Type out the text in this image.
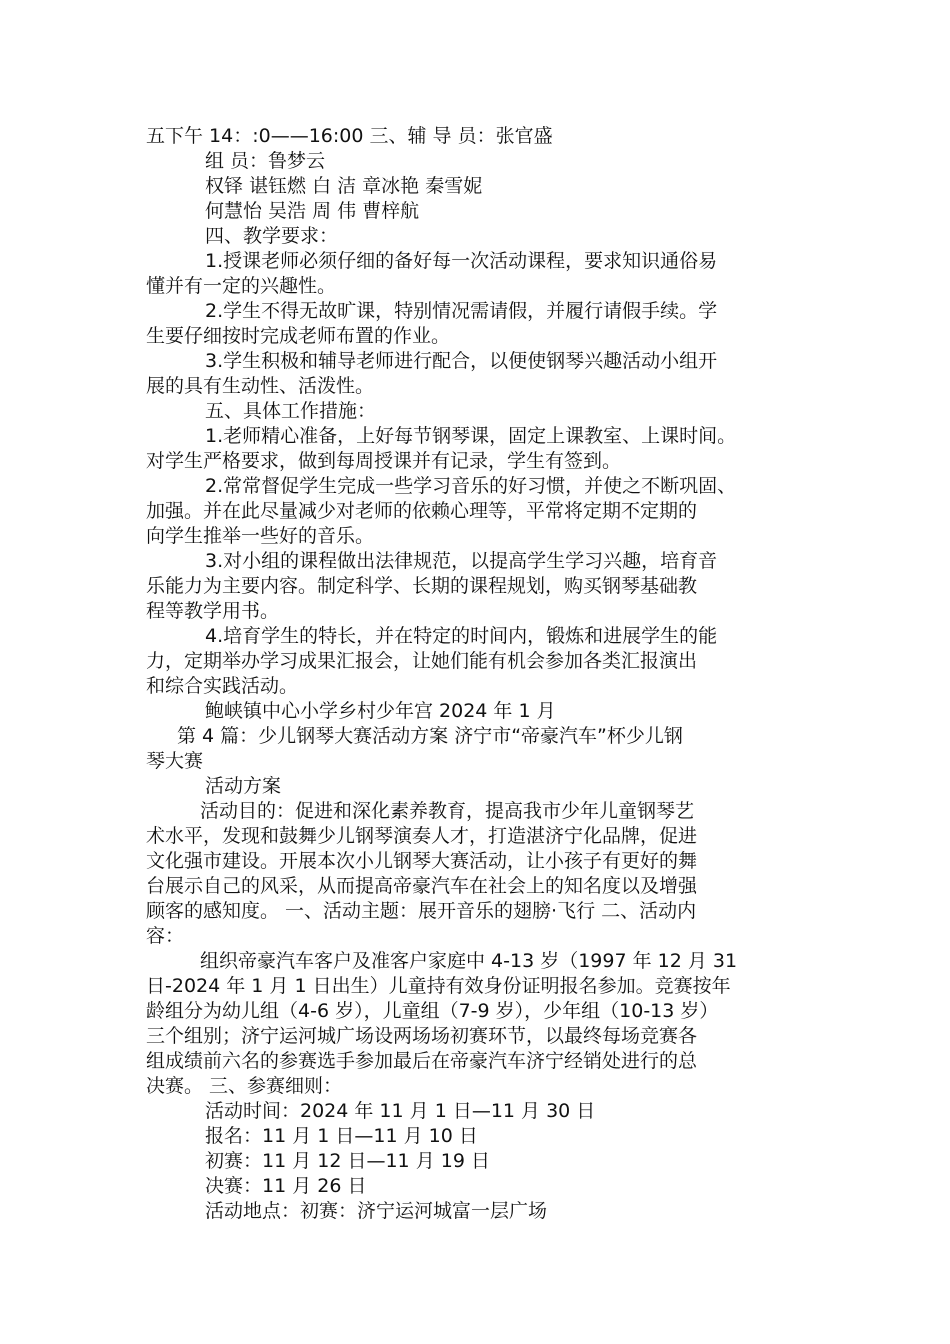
五下午 14：:0——16:00 三、辅 导 员：张官盛
组 员：鲁梦云
权铎 谌钰燃 白 洁 章冰艳 秦雪妮
何慧怡 吴浩 周 伟 曹梓航
四、教学要求：
1.授课老师必须仔细的备好每一次活动课程，要求知识通俗易
懂并有一定的兴趣性。
2.学生不得无故旷课，特别情况需请假，并履行请假手续。学
生要仔细按时完成老师布置的作业。
3.学生积极和辅导老师进行配合，以便使钢琴兴趣活动小组开
展的具有生动性、活泼性。
五、具体工作措施：
1.老师精心准备，上好每节钢琴课，固定上课教室、上课时间。
对学生严格要求，做到每周授课并有记录，学生有签到。
2.常常督促学生完成一些学习音乐的好习惯，并使之不断巩固、
加强。并在此尽量减少对老师的依赖心理等，平常将定期不定期的
向学生推举一些好的音乐。
3.对小组的课程做出法律规范，以提高学生学习兴趣，培育音
乐能力为主要内容。制定科学、长期的课程规划，购买钢琴基础教
程等教学用书。
4.培育学生的特长，并在特定的时间内，锻炼和进展学生的能
力，定期举办学习成果汇报会，让她们能有机会参加各类汇报演出
和综合实践活动。
鲍峡镇中心小学乡村少年宫 2024 年 1 月
第 4 篇：少儿钢琴大赛活动方案 济宁市“帝豪汽车”杯少儿钢
琴大赛
活动方案
活动目的：促进和深化素养教育，提高我市少年儿童钢琴艺
术水平，发现和鼓舞少儿钢琴演奏人才，打造湛济宁化品牌，促进
文化强市建设。开展本次小儿钢琴大赛活动，让小孩子有更好的舞
台展示自己的风采，从而提高帝豪汽车在社会上的知名度以及增强
顾客的感知度。 一、活动主题：展开音乐的翅膀·飞行 二、活动内
容：
组织帝豪汽车客户及准客户家庭中 4-13 岁（1997 年 12 月 31
日-2024 年 1 月 1 日出生）儿童持有效身份证明报名参加。竞赛按年
龄组分为幼儿组（4-6 岁），儿童组（7-9 岁），少年组（10-13 岁）
三个组别；济宁运河城广场设两场场初赛环节，以最终每场竞赛各
组成绩前六名的参赛选手参加最后在帝豪汽车济宁经销处进行的总
决赛。 三、参赛细则：
活动时间：2024 年 11 月 1 日—11 月 30 日
报名：11 月 1 日—11 月 10 日
初赛：11 月 12 日—11 月 19 日
决赛：11 月 26 日
活动地点：初赛：济宁运河城富一层广场
